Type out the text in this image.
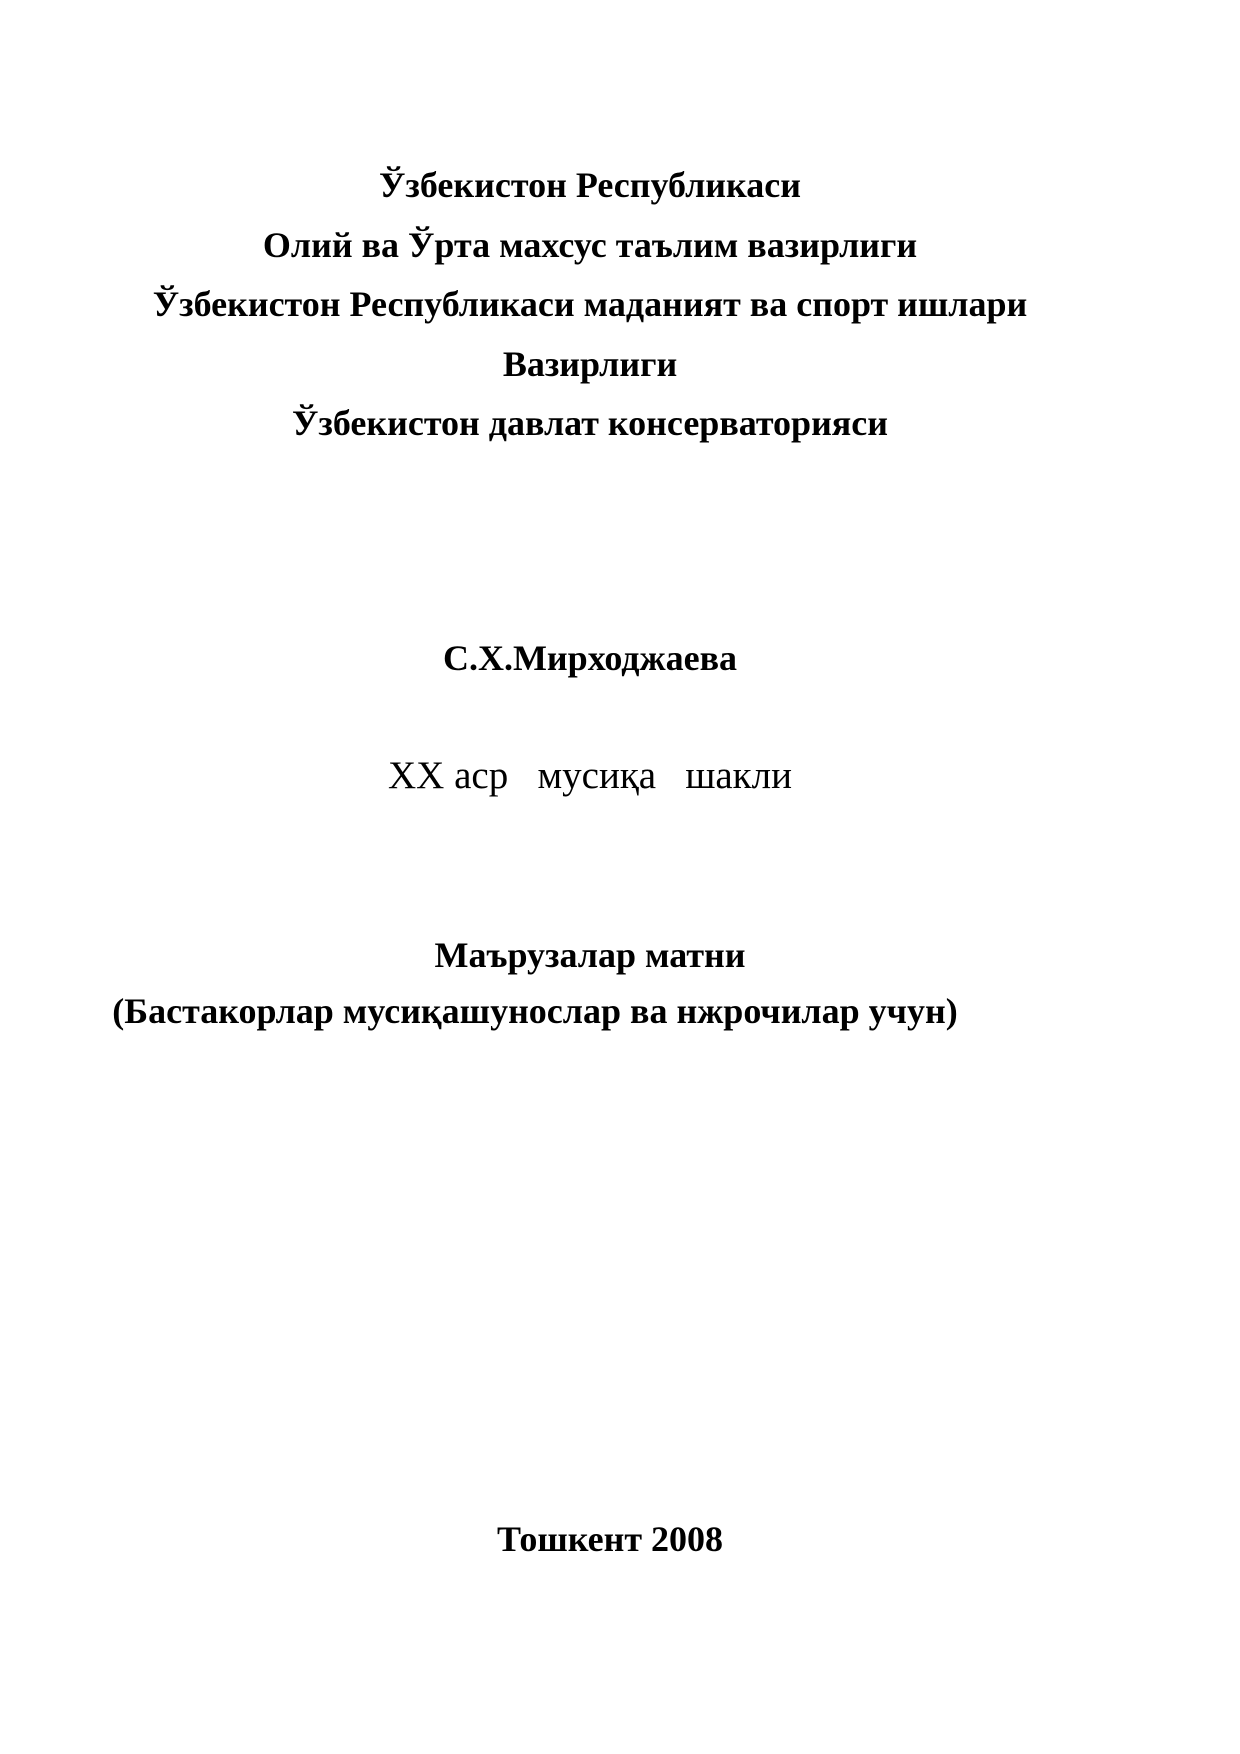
Ўзбекистон Республикаси
Олий ва Ўрта махсус таълим вазирлиги
Ўзбекистон Республикаси маданият ва спорт ишлари
Вазирлиги
Ўзбекистон давлат консерваторияси
С.Х.Мирходжаева
XX аср   мусиқа   шакли
Маърузалар матни
(Бастакорлар мусиқашунослар ва нжрочилар учун)
Тошкент 2008
